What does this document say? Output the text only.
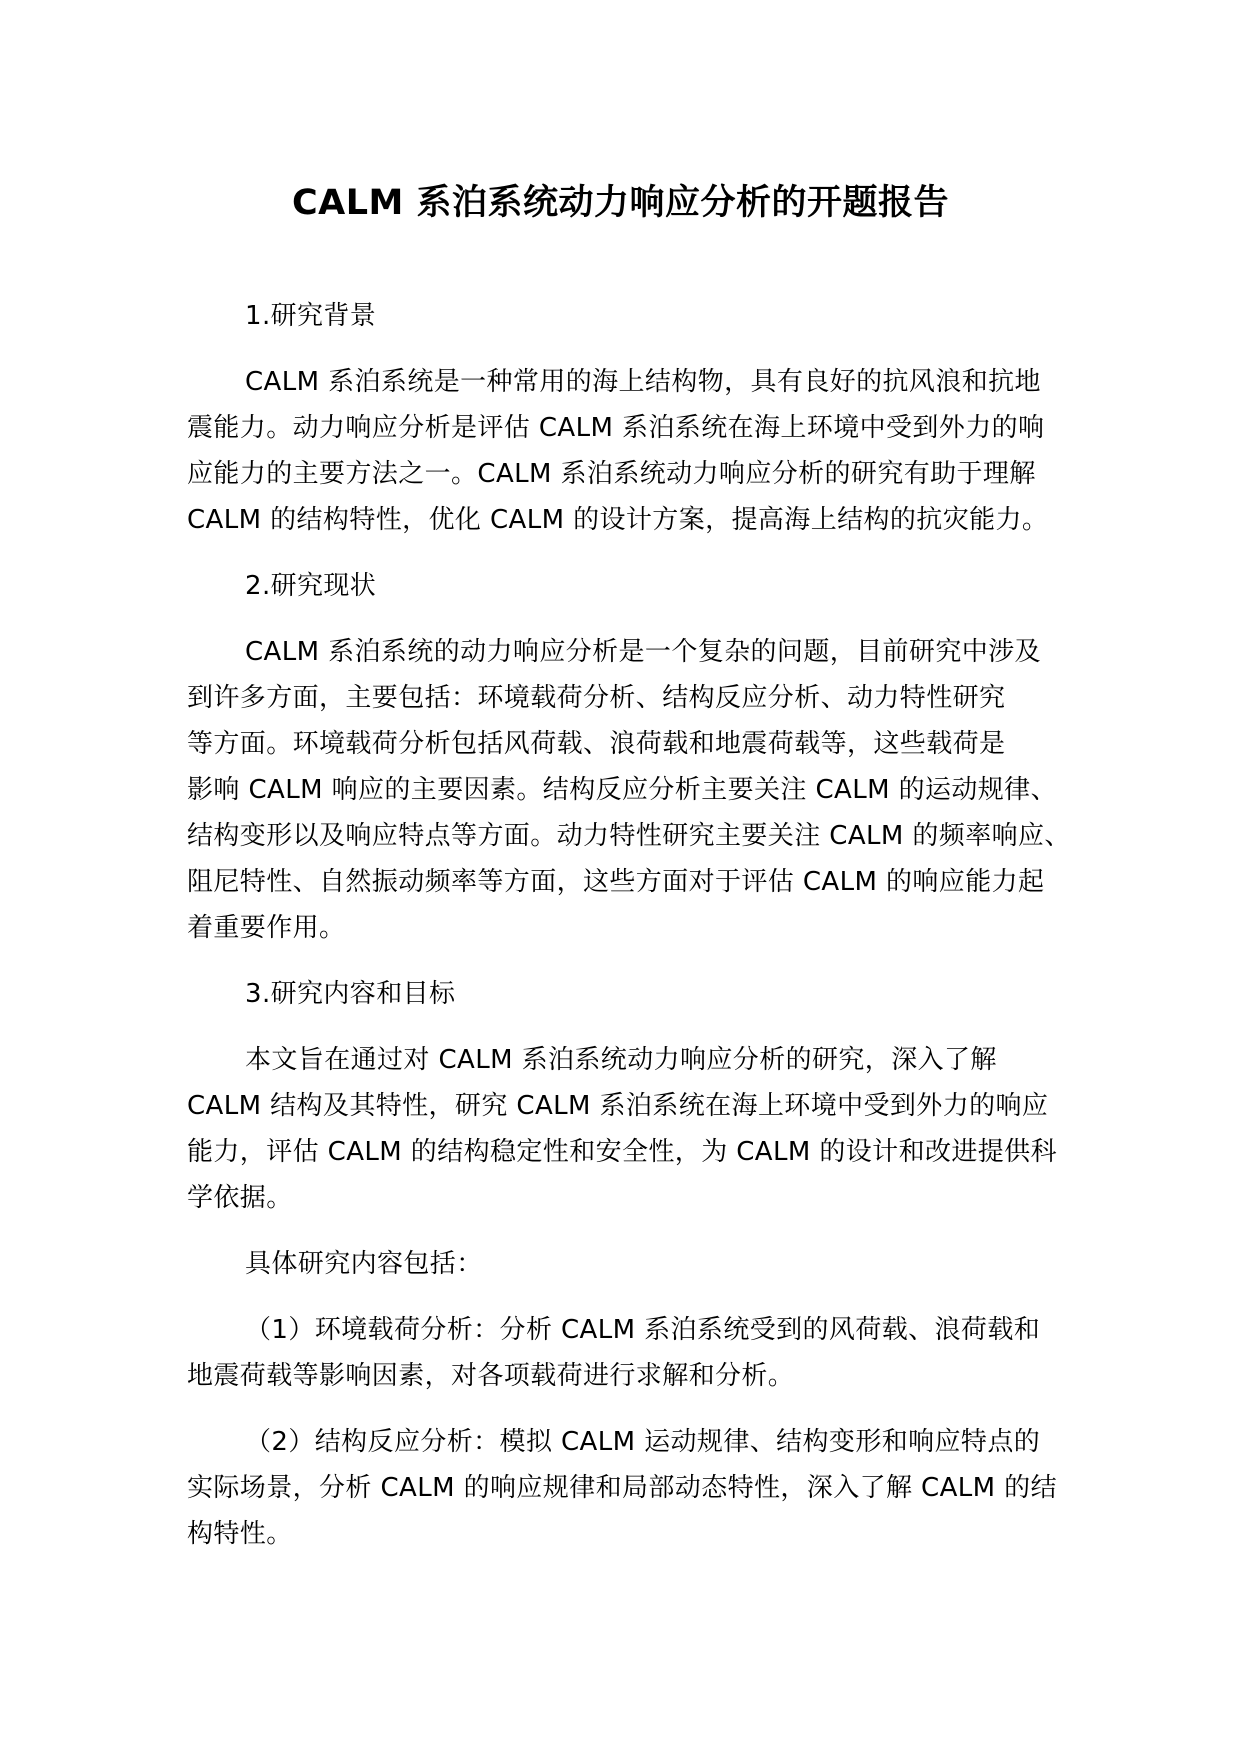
CALM 系泊系统动力响应分析的开题报告
1.研究背景
CALM 系泊系统是一种常用的海上结构物，具有良好的抗风浪和抗地
震能力。动力响应分析是评估 CALM 系泊系统在海上环境中受到外力的响
应能力的主要方法之一。CALM 系泊系统动力响应分析的研究有助于理解
CALM 的结构特性，优化 CALM 的设计方案，提高海上结构的抗灾能力。
2.研究现状
CALM 系泊系统的动力响应分析是一个复杂的问题，目前研究中涉及
到许多方面，主要包括：环境载荷分析、结构反应分析、动力特性研究
等方面。环境载荷分析包括风荷载、浪荷载和地震荷载等，这些载荷是
影响 CALM 响应的主要因素。结构反应分析主要关注 CALM 的运动规律、
结构变形以及响应特点等方面。动力特性研究主要关注 CALM 的频率响应、
阻尼特性、自然振动频率等方面，这些方面对于评估 CALM 的响应能力起
着重要作用。
3.研究内容和目标
本文旨在通过对 CALM 系泊系统动力响应分析的研究，深入了解
CALM 结构及其特性，研究 CALM 系泊系统在海上环境中受到外力的响应
能力，评估 CALM 的结构稳定性和安全性，为 CALM 的设计和改进提供科
学依据。
具体研究内容包括：
（1）环境载荷分析：分析 CALM 系泊系统受到的风荷载、浪荷载和
地震荷载等影响因素，对各项载荷进行求解和分析。
（2）结构反应分析：模拟 CALM 运动规律、结构变形和响应特点的
实际场景，分析 CALM 的响应规律和局部动态特性，深入了解 CALM 的结
构特性。
